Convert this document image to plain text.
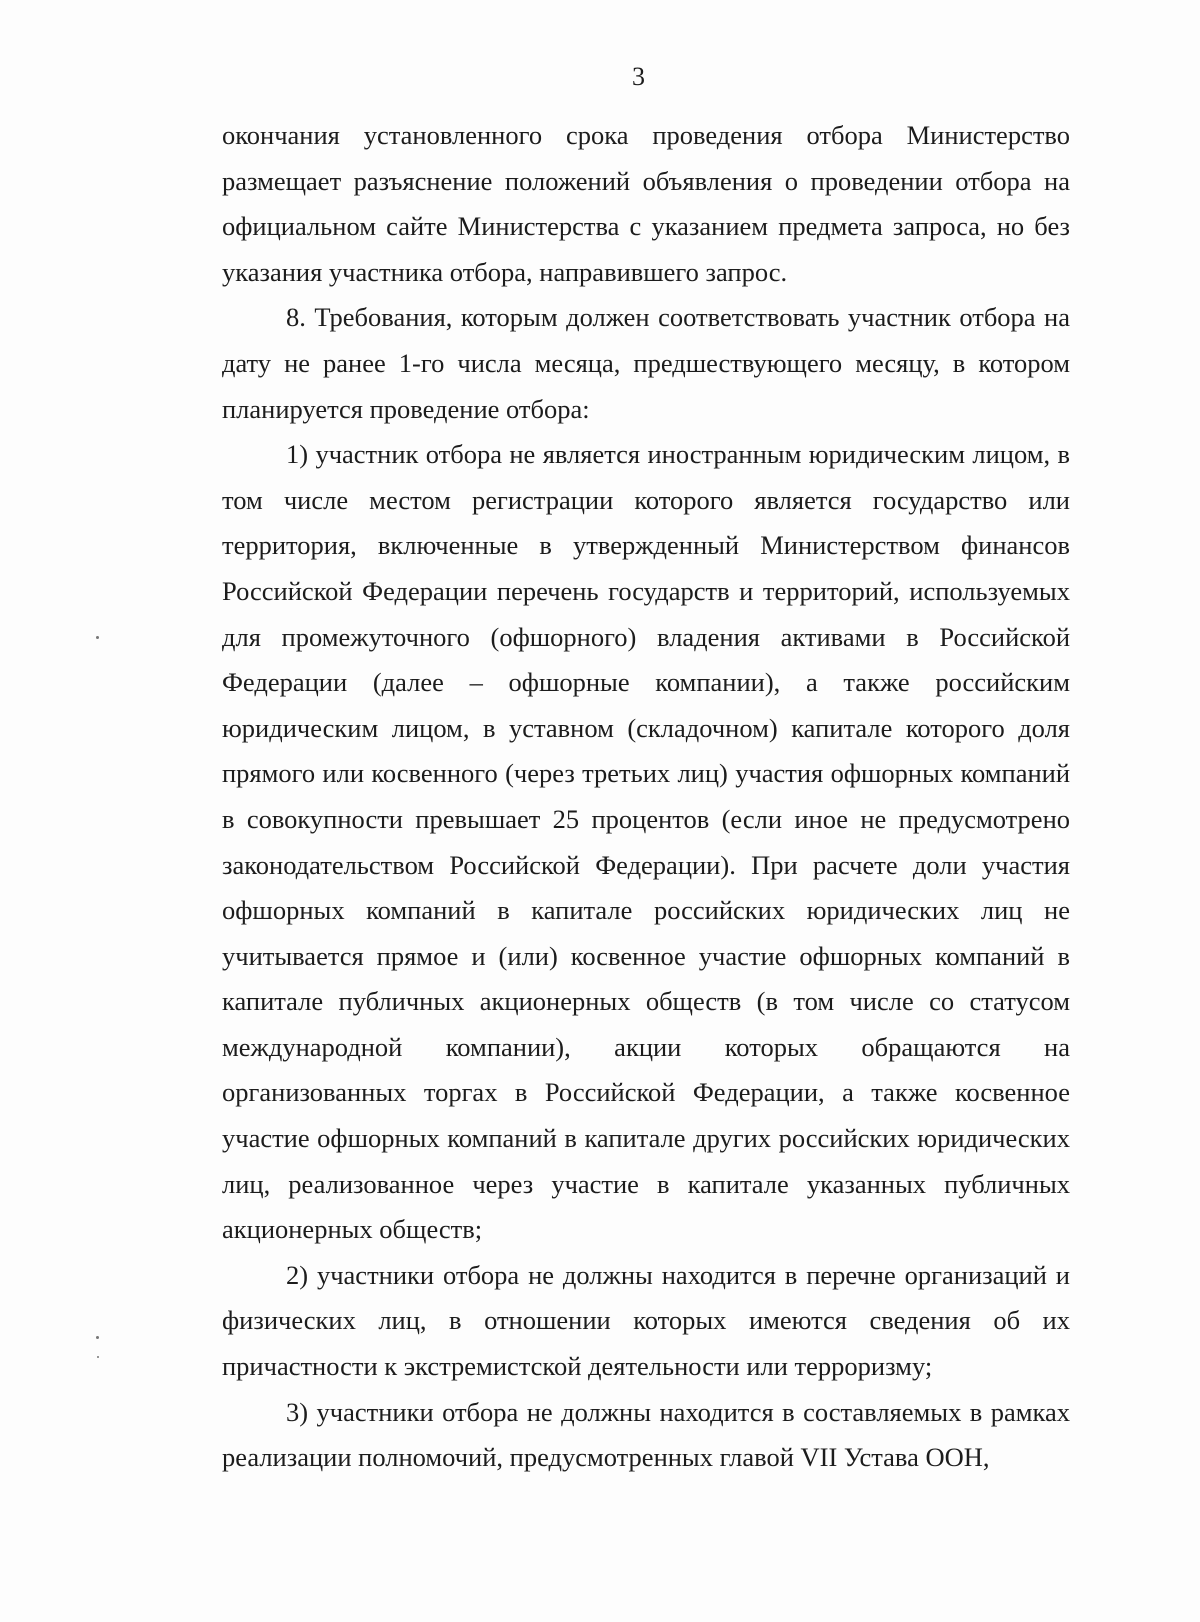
3

окончания установленного срока проведения отбора Министерство размещает разъяснение положений объявления о проведении отбора на официальном сайте Министерства с указанием предмета запроса, но без указания участника отбора, направившего запрос.

8. Требования, которым должен соответствовать участник отбора на дату не ранее 1-го числа месяца, предшествующего месяцу, в котором планируется проведение отбора:

1) участник отбора не является иностранным юридическим лицом, в том числе местом регистрации которого является государство или территория, включенные в утвержденный Министерством финансов Российской Федерации перечень государств и территорий, используемых для промежуточного (офшорного) владения активами в Российской Федерации (далее – офшорные компании), а также российским юридическим лицом, в уставном (складочном) капитале которого доля прямого или косвенного (через третьих лиц) участия офшорных компаний в совокупности превышает 25 процентов (если иное не предусмотрено законодательством Российской Федерации). При расчете доли участия офшорных компаний в капитале российских юридических лиц не учитывается прямое и (или) косвенное участие офшорных компаний в капитале публичных акционерных обществ (в том числе со статусом международной компании), акции которых обращаются на организованных торгах в Российской Федерации, а также косвенное участие офшорных компаний в капитале других российских юридических лиц, реализованное через участие в капитале указанных публичных акционерных обществ;

2) участники отбора не должны находится в перечне организаций и физических лиц, в отношении которых имеются сведения об их причастности к экстремистской деятельности или терроризму;

3) участники отбора не должны находится в составляемых в рамках реализации полномочий, предусмотренных главой VII Устава ООН,
